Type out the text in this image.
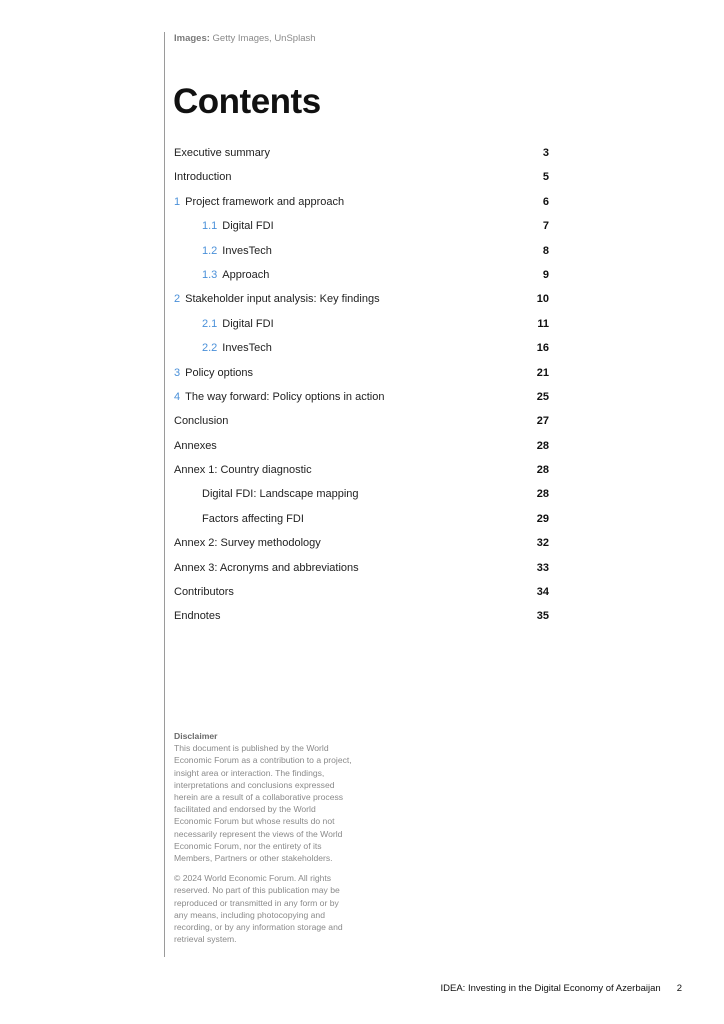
Images: Getty Images, UnSplash
Contents
Executive summary	3
Introduction	5
1 Project framework and approach	6
1.1 Digital FDI	7
1.2 InvesTech	8
1.3 Approach	9
2 Stakeholder input analysis: Key findings	10
2.1 Digital FDI	11
2.2 InvesTech	16
3 Policy options	21
4 The way forward: Policy options in action	25
Conclusion	27
Annexes	28
Annex 1: Country diagnostic	28
Digital FDI: Landscape mapping	28
Factors affecting FDI	29
Annex 2: Survey methodology	32
Annex 3: Acronyms and abbreviations	33
Contributors	34
Endnotes	35
Disclaimer

This document is published by the World Economic Forum as a contribution to a project, insight area or interaction. The findings, interpretations and conclusions expressed herein are a result of a collaborative process facilitated and endorsed by the World Economic Forum but whose results do not necessarily represent the views of the World Economic Forum, nor the entirety of its Members, Partners or other stakeholders.

© 2024 World Economic Forum. All rights reserved. No part of this publication may be reproduced or transmitted in any form or by any means, including photocopying and recording, or by any information storage and retrieval system.

IDEA: Investing in the Digital Economy of Azerbaijan 2
